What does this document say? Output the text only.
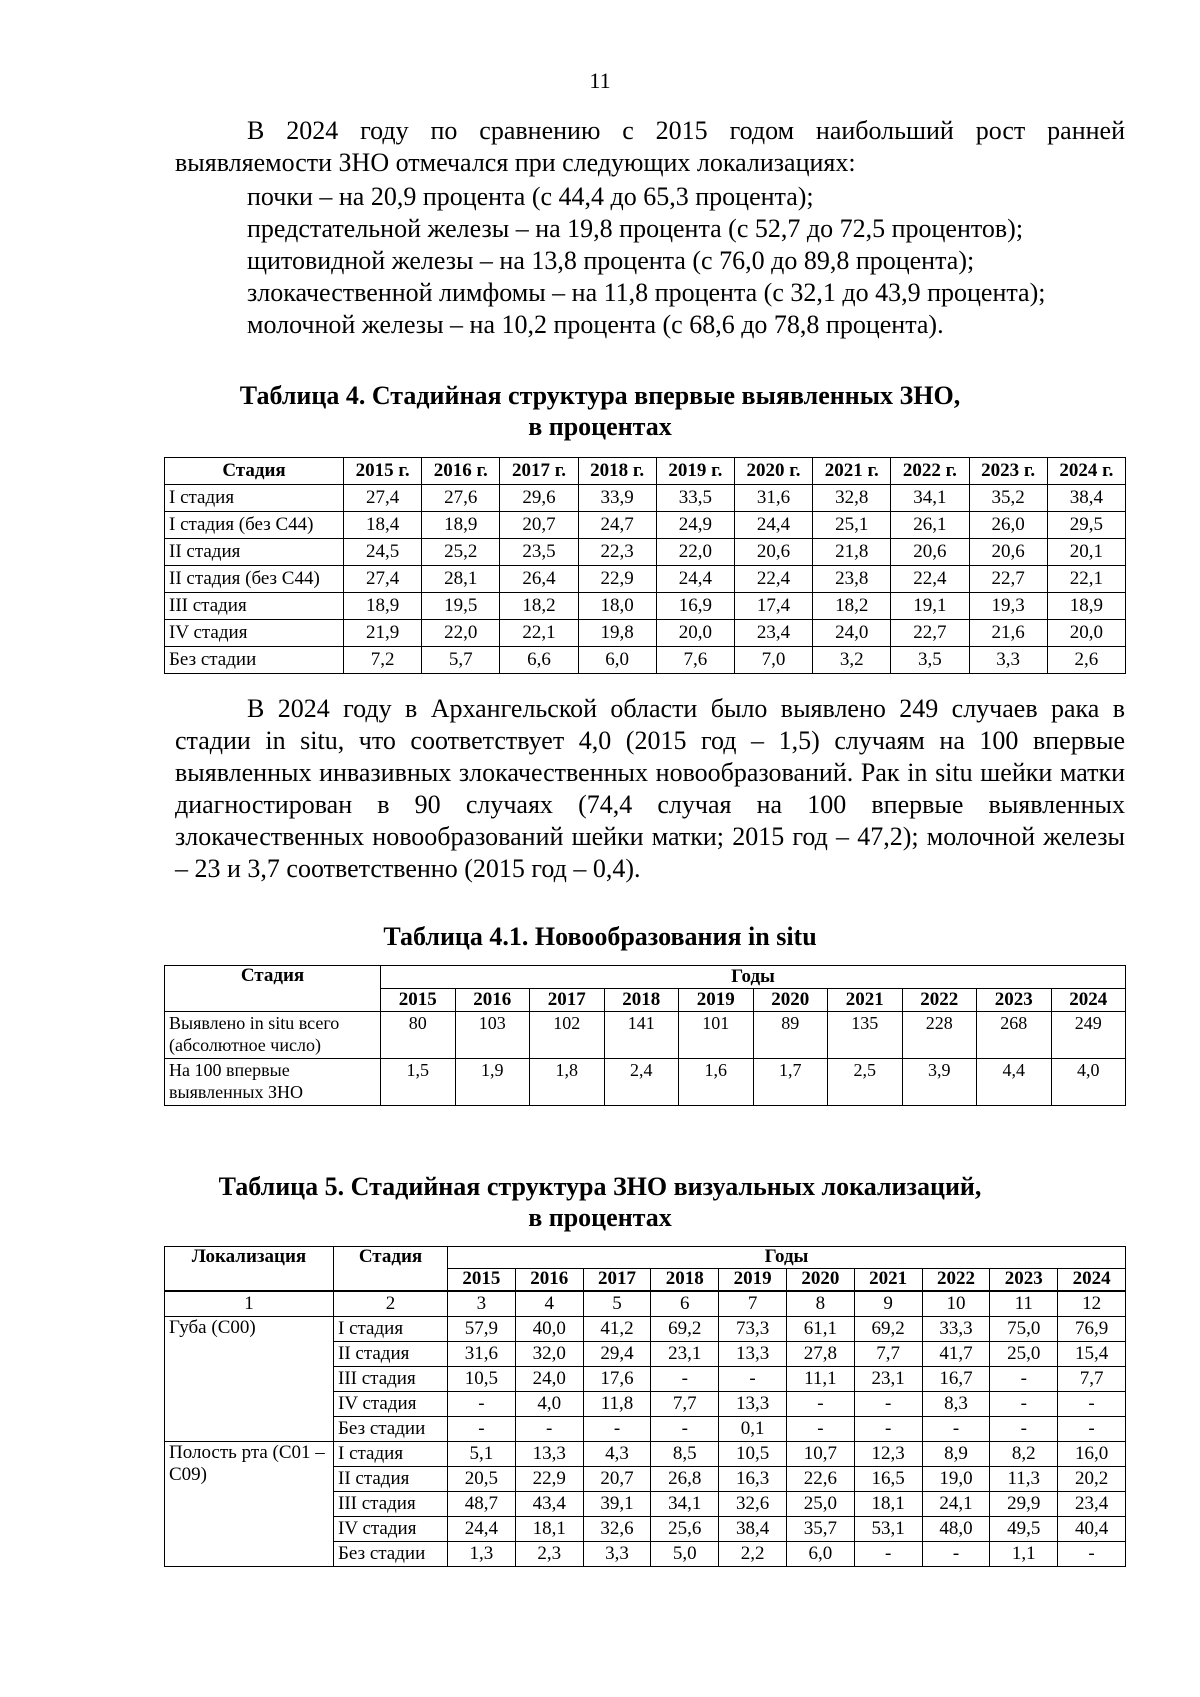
11
В 2024 году по сравнению с 2015 годом наибольший рост ранней выявляемости ЗНО отмечался при следующих локализациях:
почки – на 20,9 процента (с 44,4 до 65,3 процента);
предстательной железы – на 19,8 процента (с 52,7 до 72,5 процентов);
щитовидной железы – на 13,8 процента (с 76,0 до 89,8 процента);
злокачественной лимфомы – на 11,8 процента (с 32,1 до 43,9 процента);
молочной железы – на 10,2 процента (с 68,6 до 78,8 процента).
Таблица 4. Стадийная структура впервые выявленных ЗНО,
в процентах
Стадия	2015 г.	2016 г.	2017 г.	2018 г.	2019 г.	2020 г.	2021 г.	2022 г.	2023 г.	2024 г.
I стадия	27,4	27,6	29,6	33,9	33,5	31,6	32,8	34,1	35,2	38,4
I стадия (без С44)	18,4	18,9	20,7	24,7	24,9	24,4	25,1	26,1	26,0	29,5
II стадия	24,5	25,2	23,5	22,3	22,0	20,6	21,8	20,6	20,6	20,1
II стадия (без С44)	27,4	28,1	26,4	22,9	24,4	22,4	23,8	22,4	22,7	22,1
III стадия	18,9	19,5	18,2	18,0	16,9	17,4	18,2	19,1	19,3	18,9
IV стадия	21,9	22,0	22,1	19,8	20,0	23,4	24,0	22,7	21,6	20,0
Без стадии	7,2	5,7	6,6	6,0	7,6	7,0	3,2	3,5	3,3	2,6
В 2024 году в Архангельской области было выявлено 249 случаев рака в стадии in situ, что соответствует 4,0 (2015 год – 1,5) случаям на 100 впервые выявленных инвазивных злокачественных новообразований. Рак in situ шейки матки диагностирован в 90 случаях (74,4 случая на 100 впервые выявленных злокачественных новообразований шейки матки; 2015 год – 47,2); молочной железы – 23 и 3,7 соответственно (2015 год – 0,4).
Таблица 4.1. Новообразования in situ
Стадия	Годы									
	2015	2016	2017	2018	2019	2020	2021	2022	2023	2024
Выявлено in situ всего (абсолютное число)	80	103	102	141	101	89	135	228	268	249
На 100 впервые выявленных ЗНО	1,5	1,9	1,8	2,4	1,6	1,7	2,5	3,9	4,4	4,0
Таблица 5. Стадийная структура ЗНО визуальных локализаций,
в процентах
Локализация	Стадия	Годы									
		2015	2016	2017	2018	2019	2020	2021	2022	2023	2024
1	2	3	4	5	6	7	8	9	10	11	12
Губа (С00)	I стадия	57,9	40,0	41,2	69,2	73,3	61,1	69,2	33,3	75,0	76,9
	II стадия	31,6	32,0	29,4	23,1	13,3	27,8	7,7	41,7	25,0	15,4
	III стадия	10,5	24,0	17,6	-	-	11,1	23,1	16,7	-	7,7
	IV стадия	-	4,0	11,8	7,7	13,3	-	-	8,3	-	-
	Без стадии	-	-	-	-	0,1	-	-	-	-	-
Полость рта (С01 – С09)	I стадия	5,1	13,3	4,3	8,5	10,5	10,7	12,3	8,9	8,2	16,0
	II стадия	20,5	22,9	20,7	26,8	16,3	22,6	16,5	19,0	11,3	20,2
	III стадия	48,7	43,4	39,1	34,1	32,6	25,0	18,1	24,1	29,9	23,4
	IV стадия	24,4	18,1	32,6	25,6	38,4	35,7	53,1	48,0	49,5	40,4
	Без стадии	1,3	2,3	3,3	5,0	2,2	6,0	-	-	1,1	-
